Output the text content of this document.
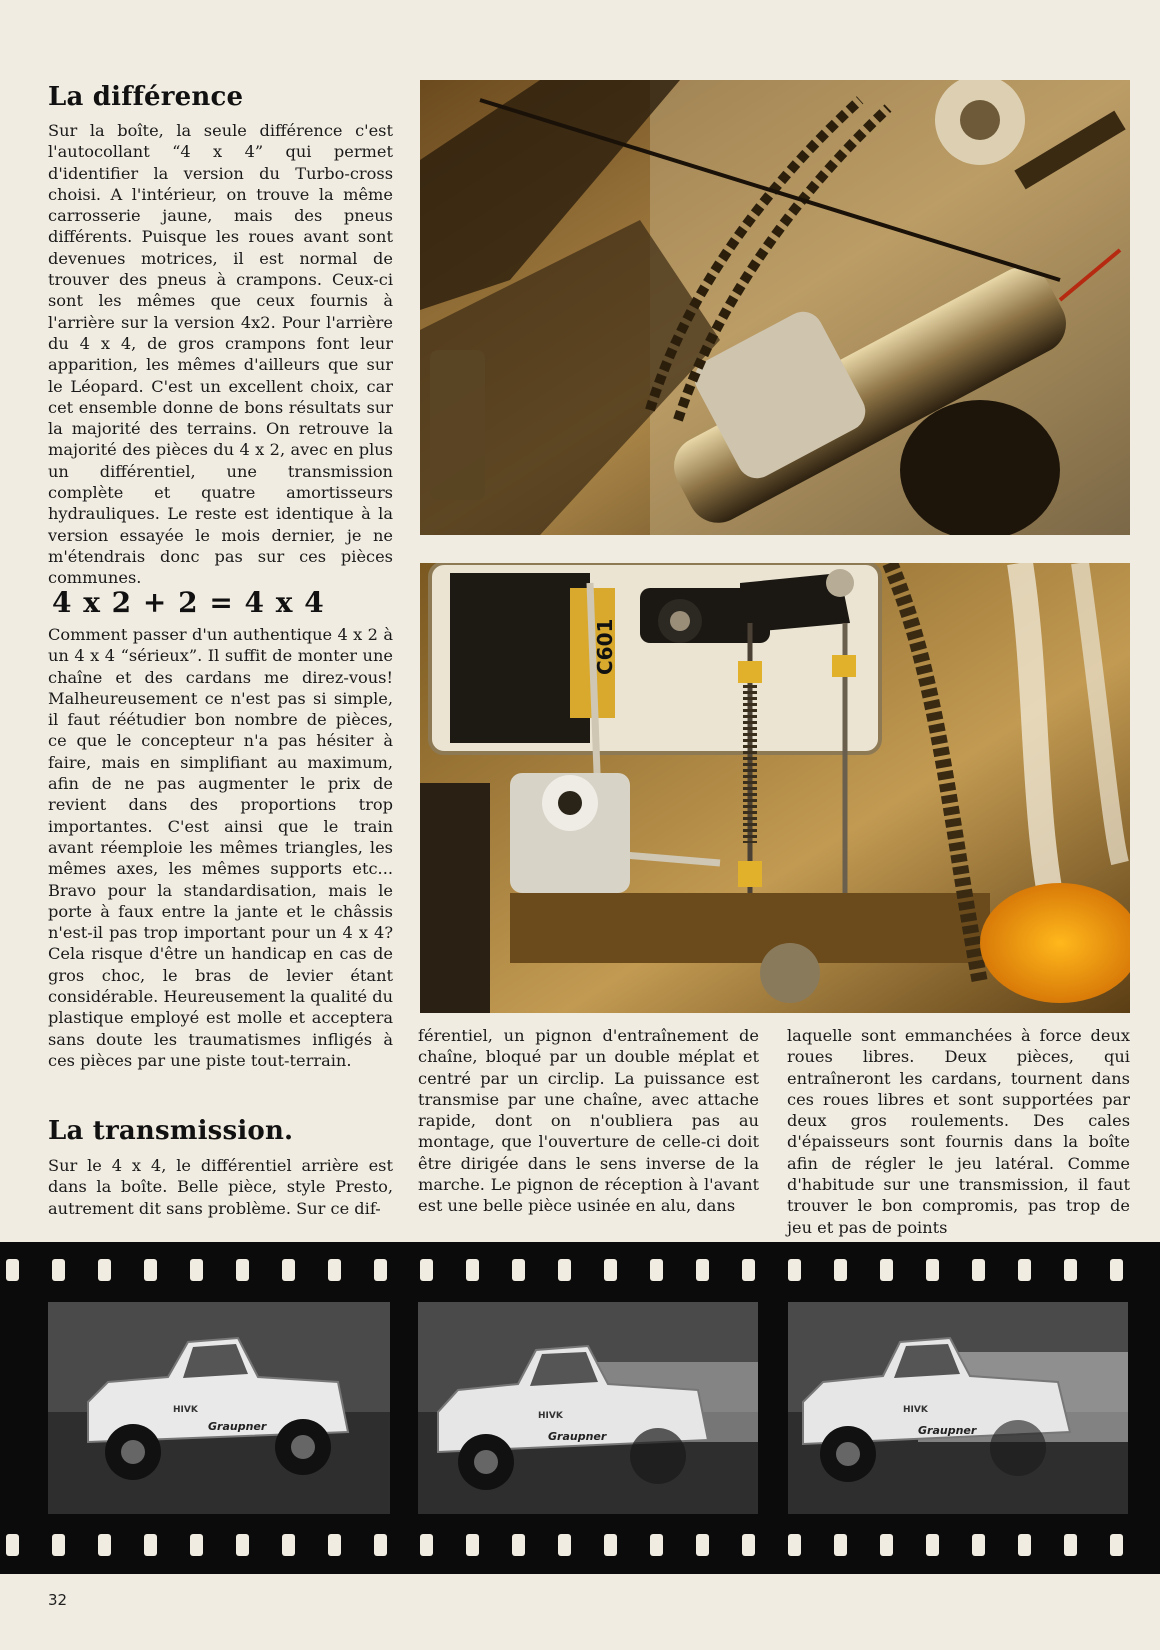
La différence

Sur la boîte, la seule différence c'est l'autocollant “4 x 4” qui permet d'identifier la version du Turbo-cross choisi. A l'intérieur, on trouve la même carrosserie jaune, mais des pneus différents. Puisque les roues avant sont devenues motrices, il est normal de trouver des pneus à crampons. Ceux-ci sont les mêmes que ceux fournis à l'arrière sur la version 4x2. Pour l'arrière du 4 x 4, de gros crampons font leur apparition, les mêmes d'ailleurs que sur le Léopard. C'est un excellent choix, car cet ensemble donne de bons résultats sur la majorité des terrains. On retrouve la majorité des pièces du 4 x 2, avec en plus un différentiel, une transmission complète et quatre amortisseurs hydrauliques. Le reste est identique à la version essayée le mois dernier, je ne m'étendrais donc pas sur ces pièces communes.

4 x 2 + 2 = 4 x 4

Comment passer d'un authentique 4 x 2 à un 4 x 4 “sérieux”. Il suffit de monter une chaîne et des cardans me direz-vous! Malheureusement ce n'est pas si simple, il faut réétudier bon nombre de pièces, ce que le concepteur n'a pas hésiter à faire, mais en simplifiant au maximum, afin de ne pas augmenter le prix de revient dans des proportions trop importantes. C'est ainsi que le train avant réemploie les mêmes triangles, les mêmes axes, les mêmes supports etc... Bravo pour la standardisation, mais le porte à faux entre la jante et le châssis n'est-il pas trop important pour un 4 x 4? Cela risque d'être un handicap en cas de gros choc, le bras de levier étant considérable. Heureusement la qualité du plastique employé est molle et acceptera sans doute les traumatismes infligés à ces pièces par une piste tout-terrain.

La transmission.

Sur le 4 x 4, le différentiel arrière est dans la boîte. Belle pièce, style Presto, autrement dit sans problème. Sur ce dif-

férentiel, un pignon d'entraînement de chaîne, bloqué par un double méplat et centré par un circlip. La puissance est transmise par une chaîne, avec attache rapide, dont on n'oubliera pas au montage, que l'ouverture de celle-ci doit être dirigée dans le sens inverse de la marche. Le pignon de réception à l'avant est une belle pièce usinée en alu, dans

laquelle sont emmanchées à force deux roues libres. Deux pièces, qui entraîneront les cardans, tournent dans ces roues libres et sont supportées par deux gros roulements. Des cales d'épaisseurs sont fournis dans la boîte afin de régler le jeu latéral. Comme d'habitude sur une transmission, il faut trouver le bon compromis, pas trop de jeu et pas de points

C601
Graupner
HIVK
Graupner
HIVK
Graupner
HIVK
32
